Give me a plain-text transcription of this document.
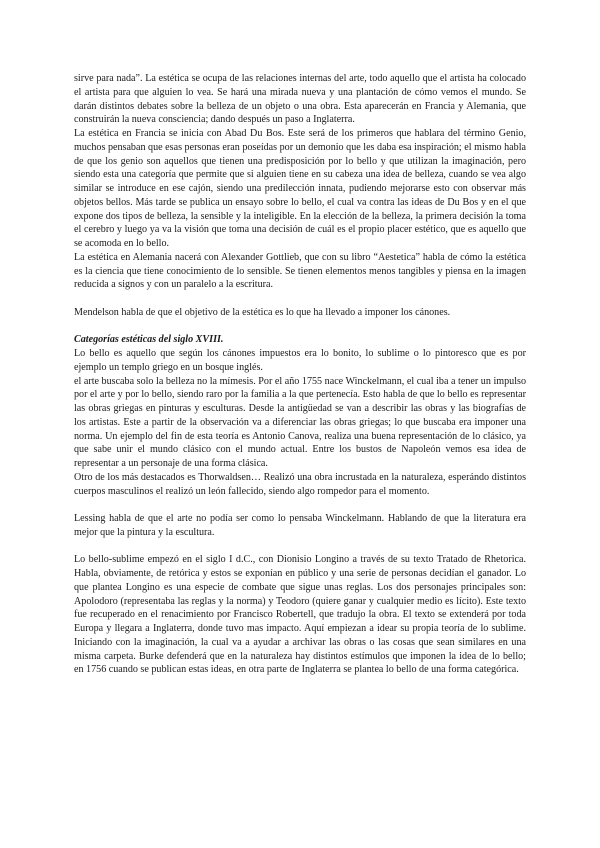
sirve para nada”. La estética se ocupa de las relaciones internas del arte, todo aquello que el artista ha colocado el artista para que alguien lo vea. Se hará una mirada nueva y una plantación de cómo vemos el mundo. Se darán distintos debates sobre la belleza de un objeto o una obra. Esta aparecerán en Francia y Alemania, que construirán la nueva consciencia; dando después un paso a Inglaterra.

La estética en Francia se inicia con Abad Du Bos. Este será de los primeros que hablara del término Genio, muchos pensaban que esas personas eran poseídas por un demonio que les daba esa inspiración; el mismo habla de que los genio son aquellos que tienen una predisposición por lo bello y que utilizan la imaginación, pero siendo esta una categoría que permite que si alguien tiene en su cabeza una idea de belleza, cuando se vea algo similar se introduce en ese cajón, siendo una predilección innata, pudiendo mejorarse esto con observar más objetos bellos. Más tarde se publica un ensayo sobre lo bello, el cual va contra las ideas de Du Bos y en el que expone dos tipos de belleza, la sensible y la inteligible. En la elección de la belleza, la primera decisión la toma el cerebro y luego ya va la visión que toma una decisión de cuál es el propio placer estético, que es aquello que se acomoda en lo bello.

La estética en Alemania nacerá con Alexander Gottlieb, que con su libro “Aestetica” habla de cómo la estética es la ciencia que tiene conocimiento de lo sensible. Se tienen elementos menos tangibles y piensa en la imagen reducida a signos y con un paralelo a la escritura.

Mendelson habla de que el objetivo de la estética es lo que ha llevado a imponer los cánones.

Categorías estéticas del siglo XVIII.

Lo bello es aquello que según los cánones impuestos era lo bonito, lo sublime o lo pintoresco que es por ejemplo un templo griego en un bosque inglés.

el arte buscaba solo la belleza no la mímesis. Por el año 1755 nace Winckelmann, el cual iba a tener un impulso por el arte y por lo bello, siendo raro por la familia a la que pertenecía. Esto habla de que lo bello es representar las obras griegas en pinturas y esculturas. Desde la antigüedad se van a describir las obras y las biografías de los artistas. Este a partir de la observación va a diferenciar las obras griegas; lo que buscaba era imponer una norma. Un ejemplo del fin de esta teoría es Antonio Canova, realiza una buena representación de lo clásico, ya que sabe unir el mundo clásico con el mundo actual. Entre los bustos de Napoleón vemos esa idea de representar a un personaje de una forma clásica.

Otro de los más destacados es Thorwaldsen… Realizó una obra incrustada en la naturaleza, esperándo distintos cuerpos masculinos el realizó un león fallecido, siendo algo rompedor para el momento.

Lessing habla de que el arte no podía ser como lo pensaba Winckelmann. Hablando de que la literatura era mejor que la pintura y la escultura.

Lo bello-sublime empezó en el siglo I d.C., con Dionisio Longino a través de su texto Tratado de Rhetorica. Habla, obviamente, de retórica y estos se exponían en público y una serie de personas decidían el ganador. Lo que plantea Longino es una especie de combate que sigue unas reglas. Los dos personajes principales son: Apolodoro (representaba las reglas y la norma) y Teodoro (quiere ganar y cualquier medio es lícito). Este texto fue recuperado en el renacimiento por Francisco Robertell, que tradujo la obra. El texto se extenderá por toda Europa y llegara a Inglaterra, donde tuvo mas impacto. Aquí empiezan a idear su propia teoría de lo sublime. Iniciando con la imaginación, la cual va a ayudar a archivar las obras o las cosas que sean similares en una misma carpeta. Burke defenderá que en la naturaleza hay distintos estímulos que imponen la idea de lo bello; en 1756 cuando se publican estas ideas, en otra parte de Inglaterra se plantea lo bello de una forma categórica.
